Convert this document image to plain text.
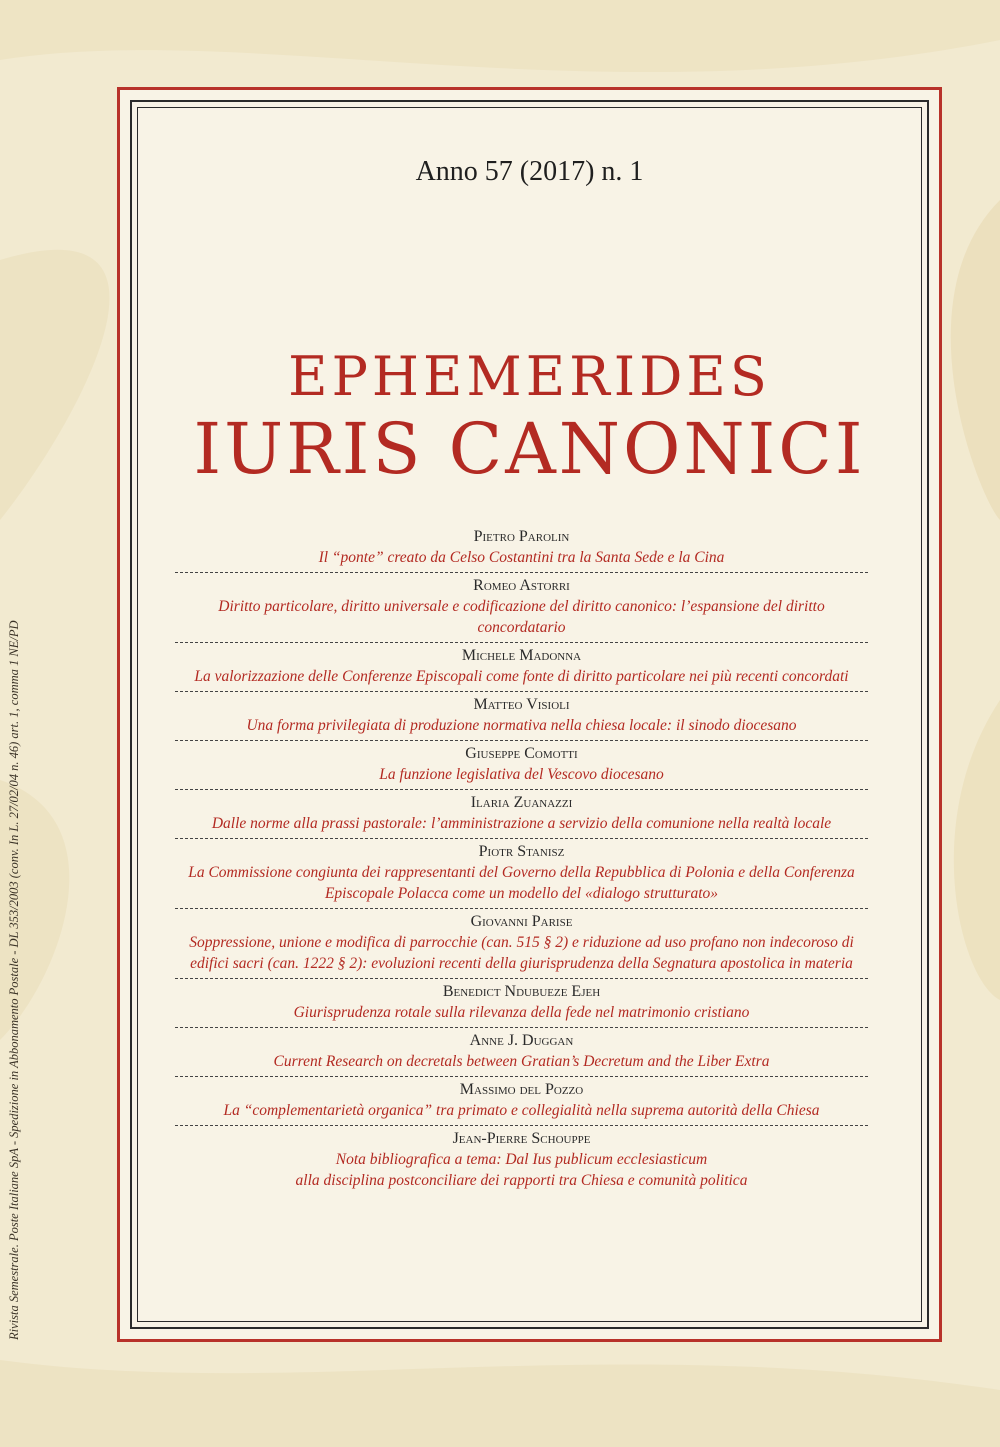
Rivista Semestrale. Poste Italiane SpA - Spedizione in Abbonamento Postale - DL 353/2003 (conv. In L. 27/02/04 n. 46) art. 1, comma 1 NE/PD
Anno 57 (2017) n. 1
EPHEMERIDES
IURIS CANONICI
Pietro Parolin
Il “ponte” creato da Celso Costantini tra la Santa Sede e la Cina
Romeo Astorri
Diritto particolare, diritto universale e codificazione del diritto canonico: l’espansione del diritto concordatario
Michele Madonna
La valorizzazione delle Conferenze Episcopali come fonte di diritto particolare nei più recenti concordati
Matteo Visioli
Una forma privilegiata di produzione normativa nella chiesa locale: il sinodo diocesano
Giuseppe Comotti
La funzione legislativa del Vescovo diocesano
Ilaria Zuanazzi
Dalle norme alla prassi pastorale: l’amministrazione a servizio della comunione nella realtà locale
Piotr Stanisz
La Commissione congiunta dei rappresentanti del Governo della Repubblica di Polonia e della Conferenza
Episcopale Polacca come un modello del «dialogo strutturato»
Giovanni Parise
Soppressione, unione e modifica di parrocchie (can. 515 § 2) e riduzione ad uso profano non indecoroso di
edifici sacri (can. 1222 § 2): evoluzioni recenti della giurisprudenza della Segnatura apostolica in materia
Benedict Ndubueze Ejeh
Giurisprudenza rotale sulla rilevanza della fede nel matrimonio cristiano
Anne J. Duggan
Current Research on decretals between Gratian’s Decretum and the Liber Extra
Massimo del Pozzo
La “complementarietà organica” tra primato e collegialità nella suprema autorità della Chiesa
Jean-Pierre Schouppe
Nota bibliografica a tema: Dal Ius publicum ecclesiasticum
alla disciplina postconciliare dei rapporti tra Chiesa e comunità politica
